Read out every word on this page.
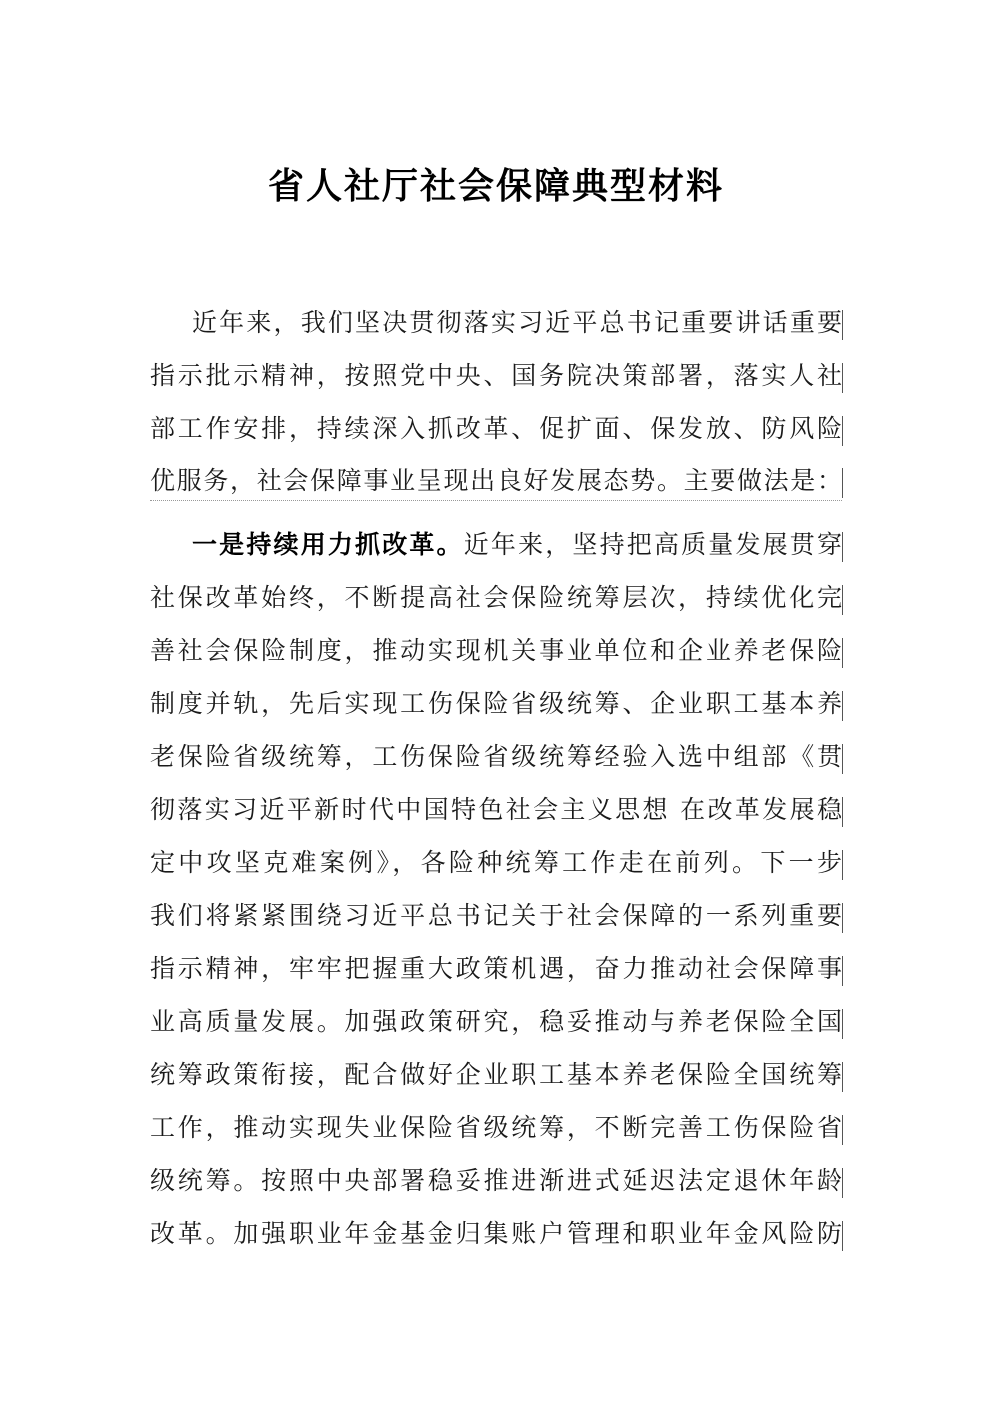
省人社厅社会保障典型材料
近年来，我们坚决贯彻落实习近平总书记重要讲话重要
指示批示精神，按照党中央、国务院决策部署，落实人社
部工作安排，持续深入抓改革、促扩面、保发放、防风险
优服务，社会保障事业呈现出良好发展态势。主要做法是：
一是持续用力抓改革。近年来，坚持把高质量发展贯穿
社保改革始终，不断提高社会保险统筹层次，持续优化完
善社会保险制度，推动实现机关事业单位和企业养老保险
制度并轨，先后实现工伤保险省级统筹、企业职工基本养
老保险省级统筹，工伤保险省级统筹经验入选中组部《贯
彻落实习近平新时代中国特色社会主义思想 在改革发展稳
定中攻坚克难案例》，各险种统筹工作走在前列。下一步
我们将紧紧围绕习近平总书记关于社会保障的一系列重要
指示精神，牢牢把握重大政策机遇，奋力推动社会保障事
业高质量发展。加强政策研究，稳妥推动与养老保险全国
统筹政策衔接，配合做好企业职工基本养老保险全国统筹
工作，推动实现失业保险省级统筹，不断完善工伤保险省
级统筹。按照中央部署稳妥推进渐进式延迟法定退休年龄
改革。加强职业年金基金归集账户管理和职业年金风险防
